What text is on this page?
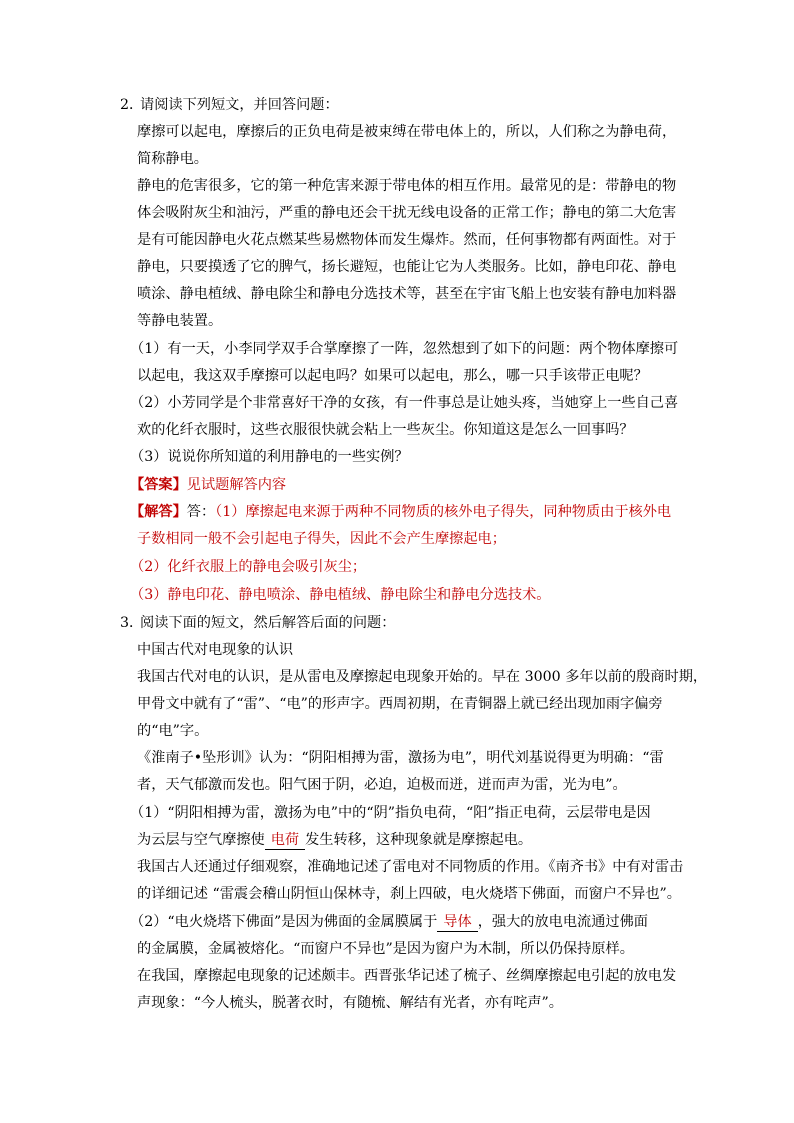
2．
请阅读下列短文，并回答问题：
摩擦可以起电，摩擦后的正负电荷是被束缚在带电体上的，所以，人们称之为静电荷，
简称静电。
静电的危害很多，它的第一种危害来源于带电体的相互作用。最常见的是：带静电的物
体会吸附灰尘和油污，严重的静电还会干扰无线电设备的正常工作；静电的第二大危害
是有可能因静电火花点燃某些易燃物体而发生爆炸。然而，任何事物都有两面性。对于
静电，只要摸透了它的脾气，扬长避短，也能让它为人类服务。比如，静电印花、静电
喷涂、静电植绒、静电除尘和静电分选技术等，甚至在宇宙飞船上也安装有静电加料器
等静电装置。
（1）有一天，小李同学双手合掌摩擦了一阵，忽然想到了如下的问题：两个物体摩擦可
以起电，我这双手摩擦可以起电吗？如果可以起电，那么，哪一只手该带正电呢？
（2）小芳同学是个非常喜好干净的女孩，有一件事总是让她头疼，当她穿上一些自己喜
欢的化纤衣服时，这些衣服很快就会粘上一些灰尘。你知道这是怎么一回事吗？
（3）说说你所知道的利用静电的一些实例？
【答案】见试题解答内容
【解答】答：（1）摩擦起电来源于两种不同物质的核外电子得失，同种物质由于核外电
子数相同一般不会引起电子得失，因此不会产生摩擦起电；
（2）化纤衣服上的静电会吸引灰尘；
（3）静电印花、静电喷涂、静电植绒、静电除尘和静电分选技术。
3．
阅读下面的短文，然后解答后面的问题：
中国古代对电现象的认识
我国古代对电的认识，是从雷电及摩擦起电现象开始的。早在 3000 多年以前的殷商时期，
甲骨文中就有了“雷”、“电”的形声字。西周初期，在青铜器上就已经出现加雨字偏旁
的“电”字。
《淮南子•坠形训》认为：“阴阳相搏为雷，激扬为电”，明代刘基说得更为明确：“雷
者，天气郁激而发也。阳气困于阴，必迫，迫极而迸，迸而声为雷，光为电”。
（1）“阴阳相搏为雷，激扬为电”中的“阴”指负电荷，“阳”指正电荷，云层带电是因
为云层与空气摩擦使 电荷 发生转移，这种现象就是摩擦起电。
我国古人还通过仔细观察，准确地记述了雷电对不同物质的作用。《南齐书》中有对雷击
的详细记述 “雷震会稽山阴恒山保林寺，刹上四破，电火烧塔下佛面，而窗户不异也”。
（2）“电火烧塔下佛面”是因为佛面的金属膜属于 导体 ，强大的放电电流通过佛面
的金属膜，金属被熔化。“而窗户不异也”是因为窗户为木制，所以仍保持原样。
在我国，摩擦起电现象的记述颇丰。西晋张华记述了梳子、丝绸摩擦起电引起的放电发
声现象：“今人梳头，脱著衣时，有随梳、解结有光者，亦有咤声”。
